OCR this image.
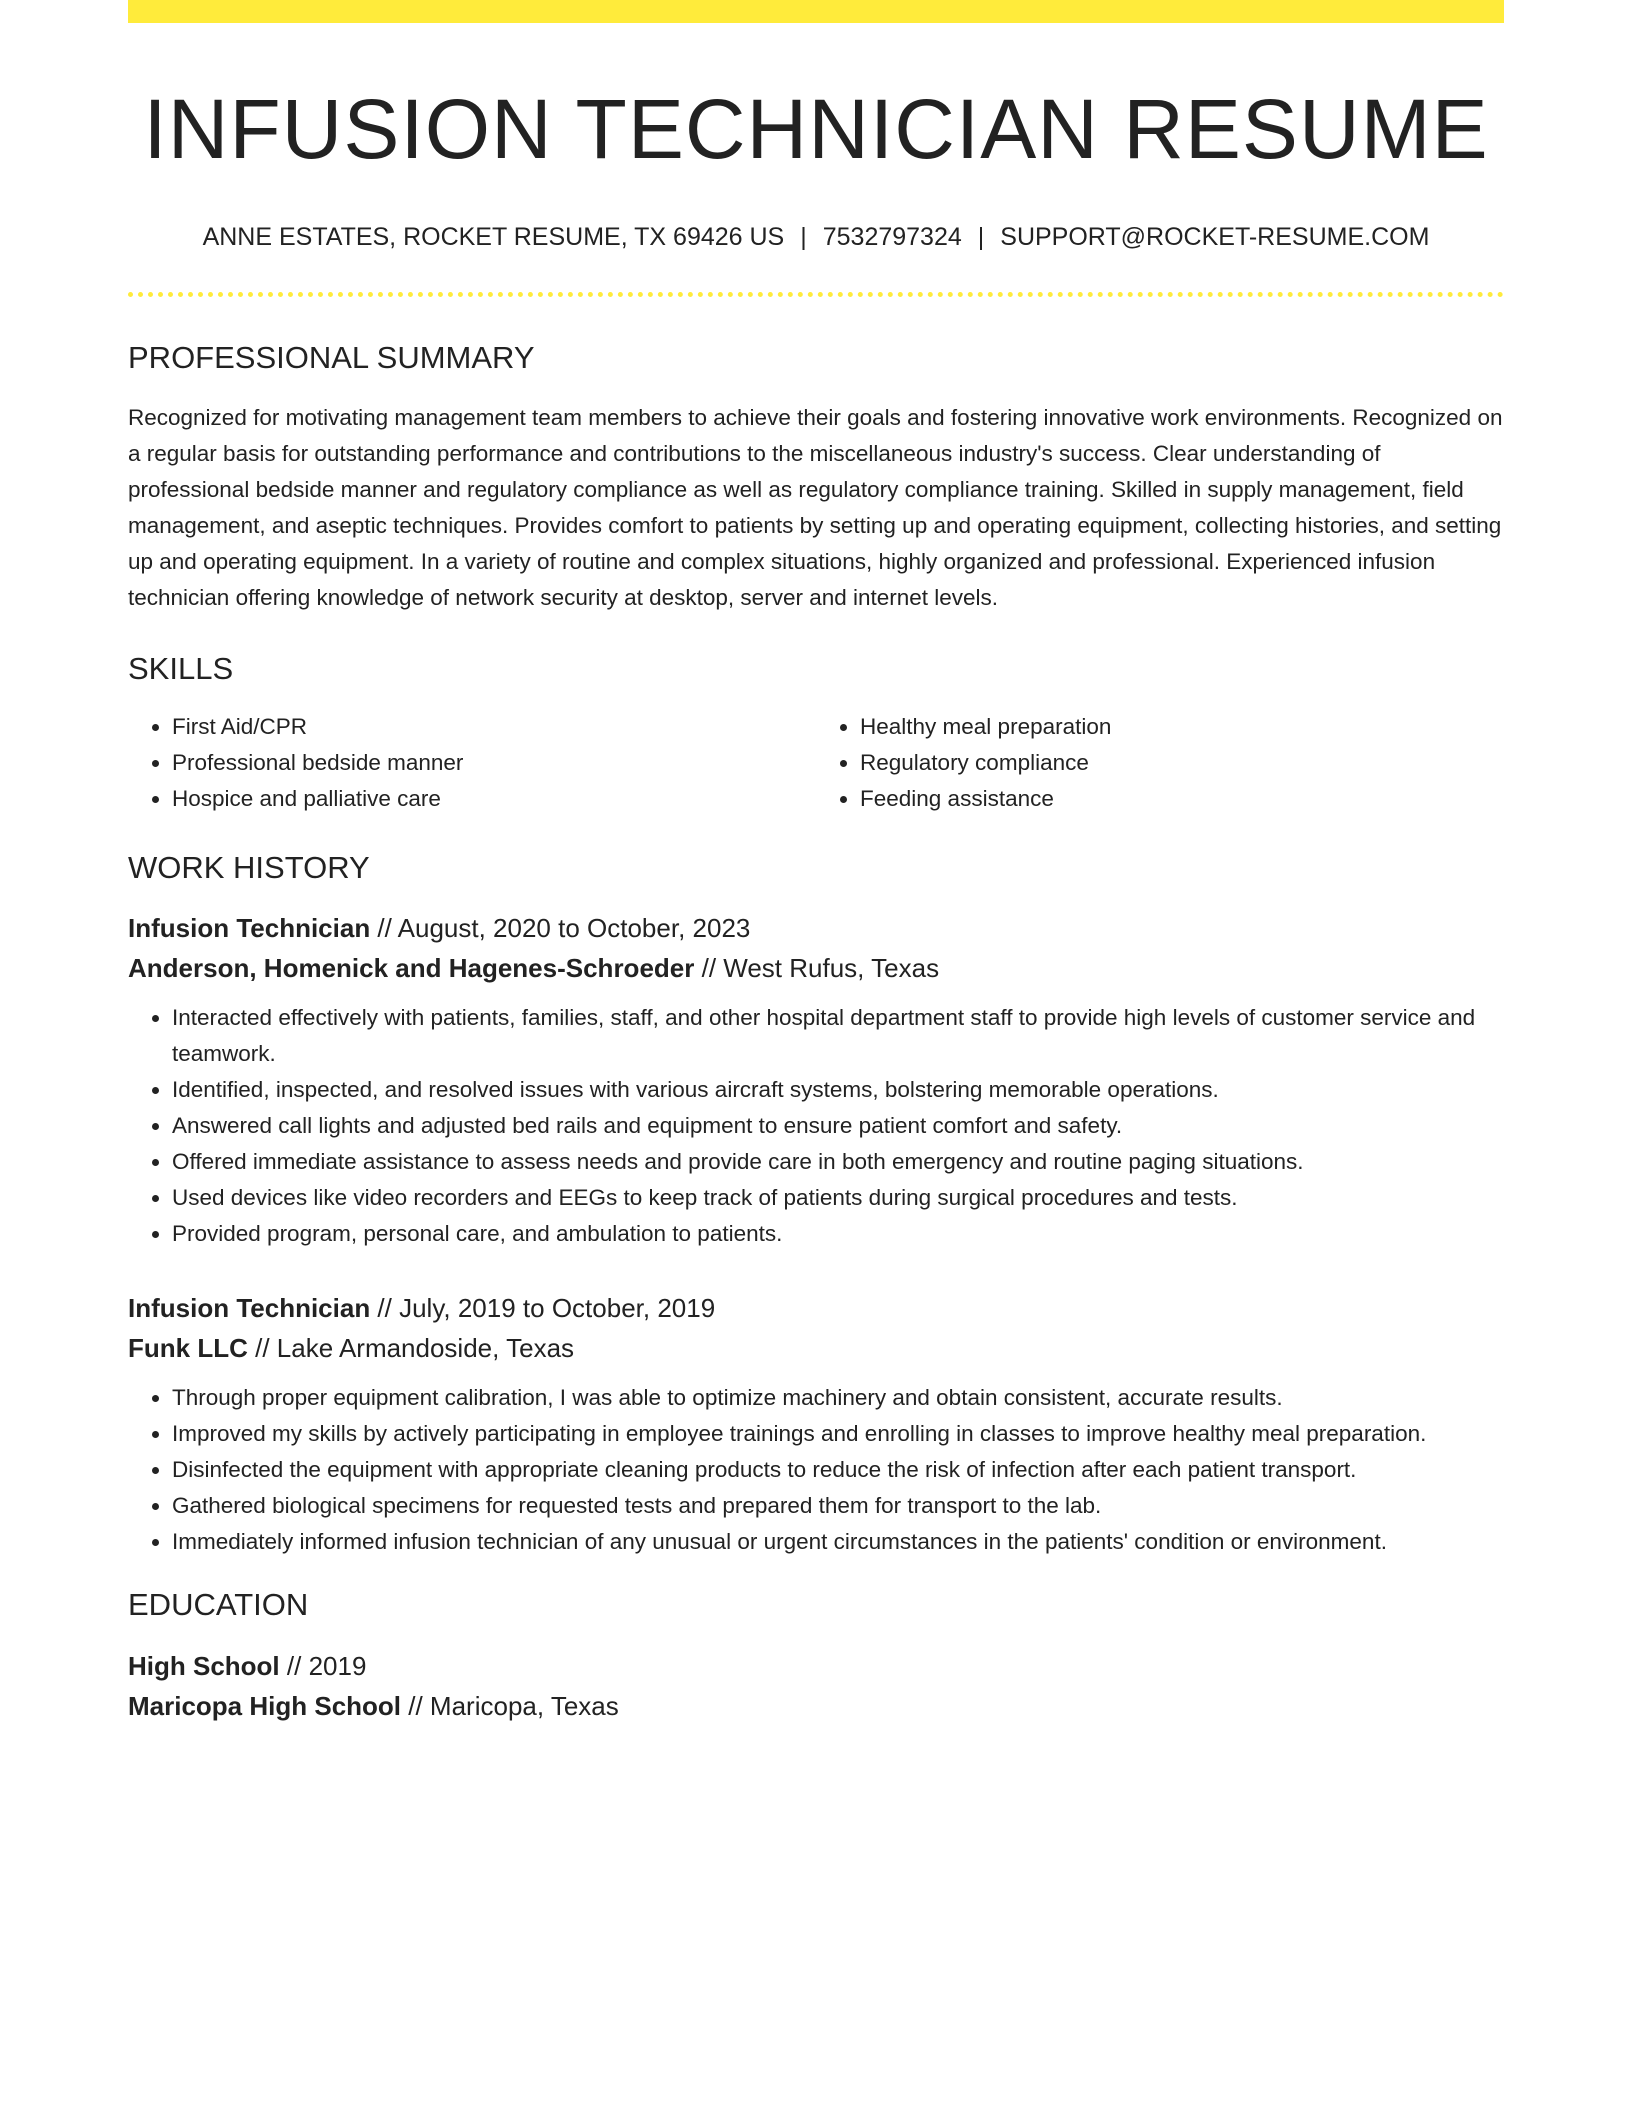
INFUSION TECHNICIAN RESUME
ANNE ESTATES, ROCKET RESUME, TX 69426 US | 7532797324 | SUPPORT@ROCKET-RESUME.COM
PROFESSIONAL SUMMARY

Recognized for motivating management team members to achieve their goals and fostering innovative work environments. Recognized on a regular basis for outstanding performance and contributions to the miscellaneous industry's success. Clear understanding of professional bedside manner and regulatory compliance as well as regulatory compliance training. Skilled in supply management, field management, and aseptic techniques. Provides comfort to patients by setting up and operating equipment, collecting histories, and setting up and operating equipment. In a variety of routine and complex situations, highly organized and professional. Experienced infusion technician offering knowledge of network security at desktop, server and internet levels.

SKILLS
• First Aid/CPR
• Professional bedside manner
• Hospice and palliative care
• Healthy meal preparation
• Regulatory compliance
• Feeding assistance
WORK HISTORY
Infusion Technician // August, 2020 to October, 2023
Anderson, Homenick and Hagenes-Schroeder // West Rufus, Texas
• Interacted effectively with patients, families, staff, and other hospital department staff to provide high levels of customer service and teamwork.
• Identified, inspected, and resolved issues with various aircraft systems, bolstering memorable operations.
• Answered call lights and adjusted bed rails and equipment to ensure patient comfort and safety.
• Offered immediate assistance to assess needs and provide care in both emergency and routine paging situations.
• Used devices like video recorders and EEGs to keep track of patients during surgical procedures and tests.
• Provided program, personal care, and ambulation to patients.
Infusion Technician // July, 2019 to October, 2019
Funk LLC // Lake Armandoside, Texas
• Through proper equipment calibration, I was able to optimize machinery and obtain consistent, accurate results.
• Improved my skills by actively participating in employee trainings and enrolling in classes to improve healthy meal preparation.
• Disinfected the equipment with appropriate cleaning products to reduce the risk of infection after each patient transport.
• Gathered biological specimens for requested tests and prepared them for transport to the lab.
• Immediately informed infusion technician of any unusual or urgent circumstances in the patients' condition or environment.
EDUCATION
High School // 2019
Maricopa High School // Maricopa, Texas
